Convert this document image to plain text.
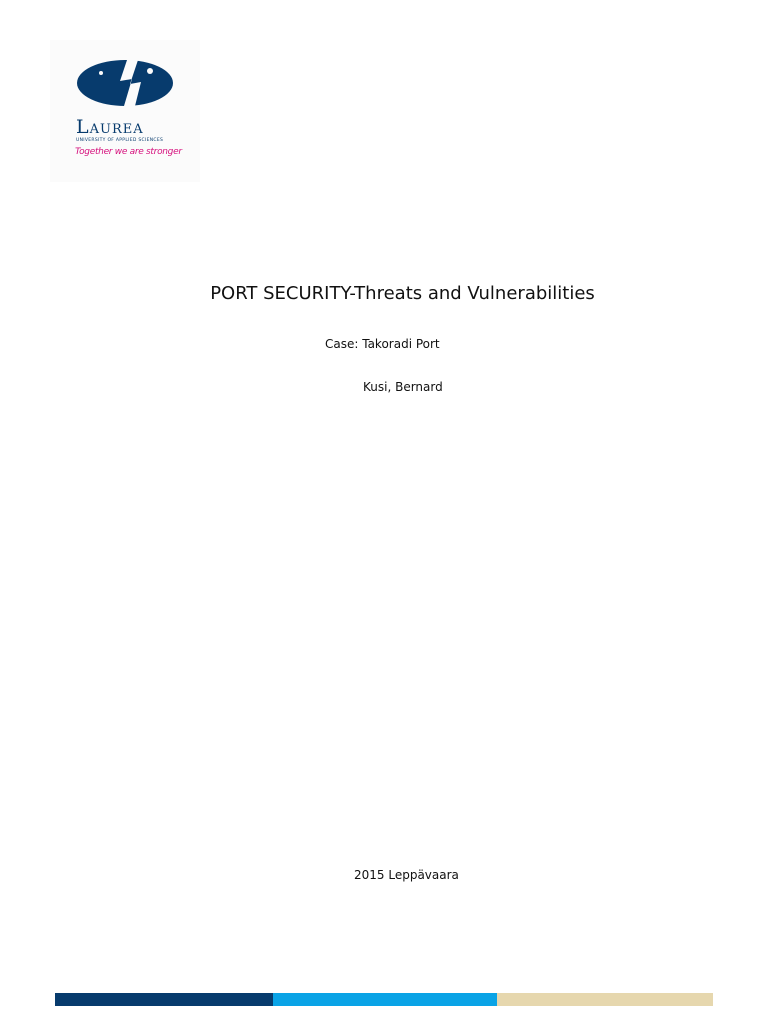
Laurea
UNIVERSITY OF APPLIED SCIENCES
Together we are stronger
PORT SECURITY-Threats and Vulnerabilities
Case: Takoradi Port
Kusi, Bernard
2015 Leppävaara
